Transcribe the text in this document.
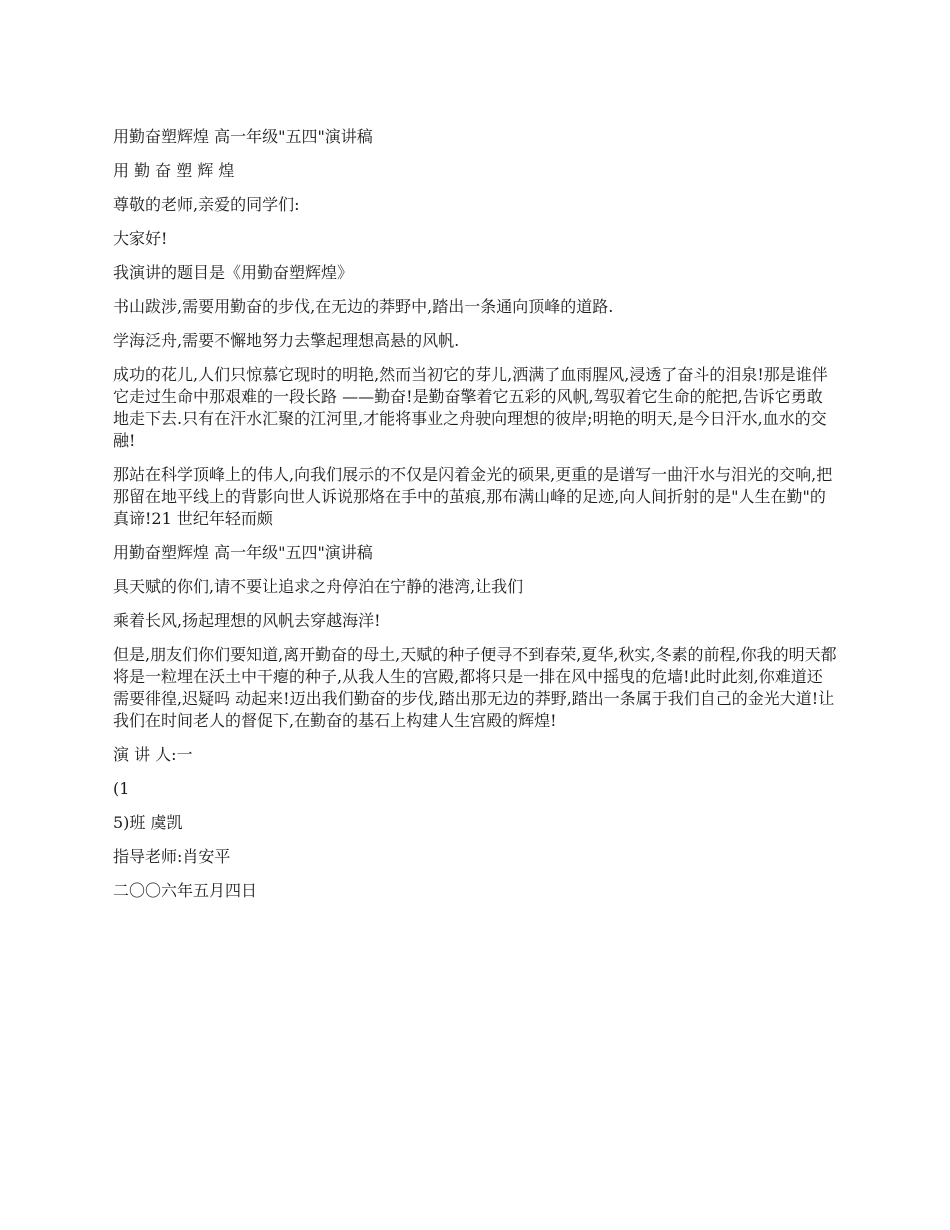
用勤奋塑辉煌 高一年级"五四"演讲稿

用 勤 奋 塑 辉 煌

尊敬的老师,亲爱的同学们:

大家好!

我演讲的题目是《用勤奋塑辉煌》

书山跋涉,需要用勤奋的步伐,在无边的莽野中,踏出一条通向顶峰的道路.

学海泛舟,需要不懈地努力去擎起理想高悬的风帆.

成功的花儿,人们只惊慕它现时的明艳,然而当初它的芽儿,洒满了血雨腥风,浸透了奋斗的泪泉!那是谁伴它走过生命中那艰难的一段长路 ——勤奋!是勤奋擎着它五彩的风帆,驾驭着它生命的舵把,告诉它勇敢地走下去.只有在汗水汇聚的江河里,才能将事业之舟驶向理想的彼岸;明艳的明天,是今日汗水,血水的交融!

那站在科学顶峰上的伟人,向我们展示的不仅是闪着金光的硕果,更重的是谱写一曲汗水与泪光的交响,把那留在地平线上的背影向世人诉说那烙在手中的茧痕,那布满山峰的足迹,向人间折射的是"人生在勤"的真谛!21 世纪年轻而颇

用勤奋塑辉煌 高一年级"五四"演讲稿

具天赋的你们,请不要让追求之舟停泊在宁静的港湾,让我们

乘着长风,扬起理想的风帆去穿越海洋!

但是,朋友们你们要知道,离开勤奋的母土,天赋的种子便寻不到春荣,夏华,秋实,冬素的前程,你我的明天都将是一粒埋在沃土中干瘪的种子,从我人生的宫殿,都将只是一排在风中摇曳的危墙!此时此刻,你难道还需要徘徨,迟疑吗 动起来!迈出我们勤奋的步伐,踏出那无边的莽野,踏出一条属于我们自己的金光大道!让我们在时间老人的督促下,在勤奋的基石上构建人生宫殿的辉煌!

演 讲 人:一

(1

5)班 虞凯

指导老师:肖安平

二〇〇六年五月四日
